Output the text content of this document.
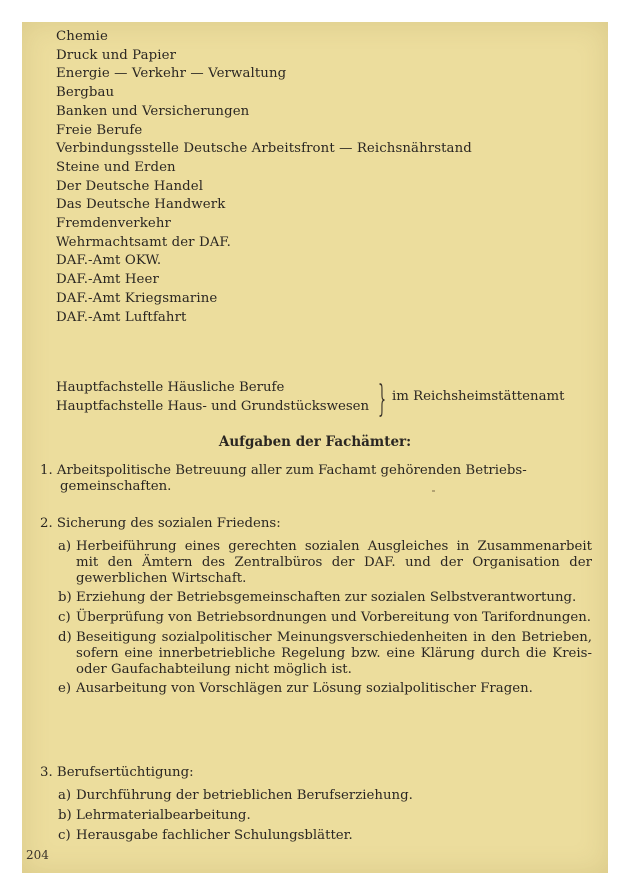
Chemie
Druck und Papier
Energie — Verkehr — Verwaltung
Bergbau
Banken und Versicherungen
Freie Berufe
Verbindungsstelle Deutsche Arbeitsfront — Reichsnährstand
Steine und Erden
Der Deutsche Handel
Das Deutsche Handwerk
Fremdenverkehr
Wehrmachtsamt der DAF.
DAF.-Amt OKW.
DAF.-Amt Heer
DAF.-Amt Kriegsmarine
DAF.-Amt Luftfahrt
Hauptfachstelle Häusliche Berufe
Hauptfachstelle Haus- und Grundstückswesen } im Reichsheimstättenamt
Aufgaben der Fachämter:
1. Arbeitspolitische Betreuung aller zum Fachamt gehörenden Betriebs-
gemeinschaften.
2. Sicherung des sozialen Friedens:
a) Herbeiführung eines gerechten sozialen Ausgleiches in Zusammenarbeit mit den Ämtern des Zentralbüros der DAF. und der Organisation der gewerblichen Wirtschaft.
b) Erziehung der Betriebsgemeinschaften zur sozialen Selbstverantwortung.
c) Überprüfung von Betriebsordnungen und Vorbereitung von Tarifordnungen.
d) Beseitigung sozialpolitischer Meinungsverschiedenheiten in den Betrieben, sofern eine innerbetriebliche Regelung bzw. eine Klärung durch die Kreis- oder Gaufachabteilung nicht möglich ist.
e) Ausarbeitung von Vorschlägen zur Lösung sozialpolitischer Fragen.
3. Berufsertüchtigung:
a) Durchführung der betrieblichen Berufserziehung.
b) Lehrmaterialbearbeitung.
c) Herausgabe fachlicher Schulungsblätter.
204
